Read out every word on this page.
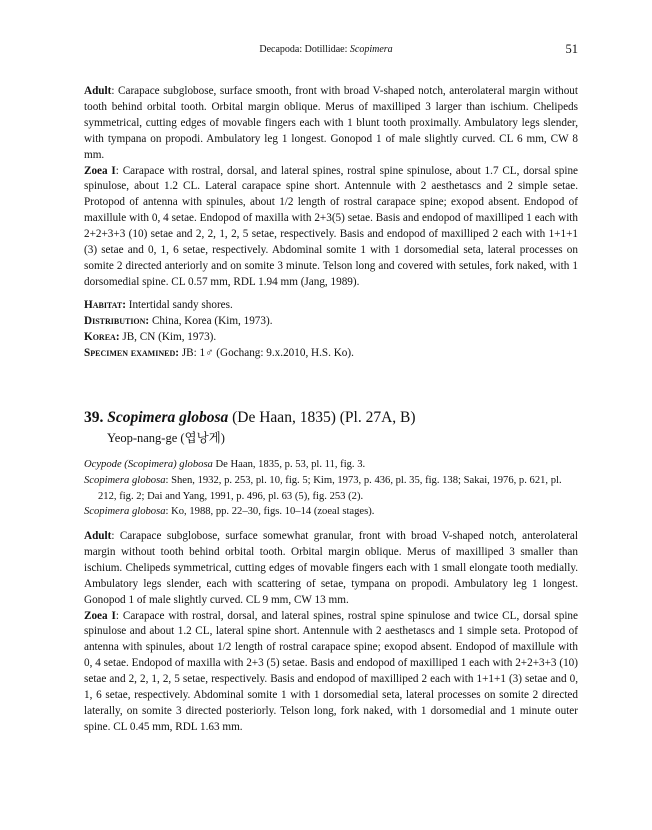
Decapoda: Dotillidae: Scopimera	51

Adult: Carapace subglobose, surface smooth, front with broad V-shaped notch, anterolateral margin without tooth behind orbital tooth. Orbital margin oblique. Merus of maxilliped 3 larger than ischium. Chelipeds symmetrical, cutting edges of movable fingers each with 1 blunt tooth proximally. Ambulatory legs slender, with tympana on propodi. Ambulatory leg 1 longest. Gonopod 1 of male slightly curved. CL 6 mm, CW 8 mm.

Zoea I: Carapace with rostral, dorsal, and lateral spines, rostral spine spinulose, about 1.7 CL, dorsal spine spinulose, about 1.2 CL. Lateral carapace spine short. Antennule with 2 aesthetascs and 2 simple setae. Protopod of antenna with spinules, about 1/2 length of rostral carapace spine; exopod absent. Endopod of maxillule with 0, 4 setae. Endopod of maxilla with 2+3(5) setae. Basis and endopod of maxilliped 1 each with 2+2+3+3 (10) setae and 2, 2, 1, 2, 5 setae, respectively. Basis and endopod of maxilliped 2 each with 1+1+1 (3) setae and 0, 1, 6 setae, respectively. Abdominal somite 1 with 1 dorsomedial seta, lateral processes on somite 2 directed anteriorly and on somite 3 minute. Telson long and covered with setules, fork naked, with 1 dorsomedial spine. CL 0.57 mm, RDL 1.94 mm (Jang, 1989).

Habitat: Intertidal sandy shores.

Distribution: China, Korea (Kim, 1973).

Korea: JB, CN (Kim, 1973).

Specimen examined: JB: 1♂ (Gochang: 9.x.2010, H.S. Ko).

39. Scopimera globosa (De Haan, 1835) (Pl. 27A, B)
Yeop-nang-ge (엽낭게)

Ocypode (Scopimera) globosa De Haan, 1835, p. 53, pl. 11, fig. 3.

Scopimera globosa: Shen, 1932, p. 253, pl. 10, fig. 5; Kim, 1973, p. 436, pl. 35, fig. 138; Sakai, 1976, p. 621, pl. 212, fig. 2; Dai and Yang, 1991, p. 496, pl. 63 (5), fig. 253 (2).

Scopimera globosa: Ko, 1988, pp. 22–30, figs. 10–14 (zoeal stages).

Adult: Carapace subglobose, surface somewhat granular, front with broad V-shaped notch, anterolateral margin without tooth behind orbital tooth. Orbital margin oblique. Merus of maxilliped 3 smaller than ischium. Chelipeds symmetrical, cutting edges of movable fingers each with 1 small elongate tooth medially. Ambulatory legs slender, each with scattering of setae, tympana on propodi. Ambulatory leg 1 longest. Gonopod 1 of male slightly curved. CL 9 mm, CW 13 mm.

Zoea I: Carapace with rostral, dorsal, and lateral spines, rostral spine spinulose and twice CL, dorsal spine spinulose and about 1.2 CL, lateral spine short. Antennule with 2 aesthetascs and 1 simple seta. Protopod of antenna with spinules, about 1/2 length of rostral carapace spine; exopod absent. Endopod of maxillule with 0, 4 setae. Endopod of maxilla with 2+3 (5) setae. Basis and endopod of maxilliped 1 each with 2+2+3+3 (10) setae and 2, 2, 1, 2, 5 setae, respectively. Basis and endopod of maxilliped 2 each with 1+1+1 (3) setae and 0, 1, 6 setae, respectively. Abdominal somite 1 with 1 dorsomedial seta, lateral processes on somite 2 directed laterally, on somite 3 directed posteriorly. Telson long, fork naked, with 1 dorsomedial and 1 minute outer spine. CL 0.45 mm, RDL 1.63 mm.
